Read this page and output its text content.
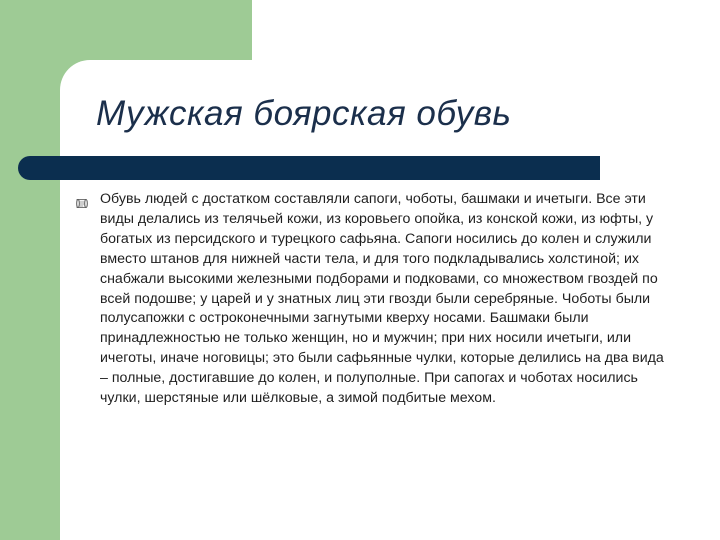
Мужская боярская обувь
Обувь людей с достатком составляли сапоги, чоботы, башмаки и ичетыги. Все эти виды делались из телячьей кожи, из коровьего опойка, из конской кожи, из юфты, у богатых из персидского и турецкого сафьяна. Сапоги носились до колен и служили вместо штанов для нижней части тела, и для того подкладывались холстиной; их снабжали высокими железными подборами и подковами, со множеством гвоздей по всей подошве; у царей и у знатных лиц эти гвозди были серебряные. Чоботы были полусапожки с остроконечными загнутыми кверху носами. Башмаки были принадлежностью не только женщин, но и мужчин; при них носили ичетыги, или ичеготы, иначе ноговицы; это были сафьянные чулки, которые делились на два вида – полные, достигавшие до колен, и полуполные. При сапогах и чоботах носились чулки, шерстяные или шёлковые, а зимой подбитые мехом.
